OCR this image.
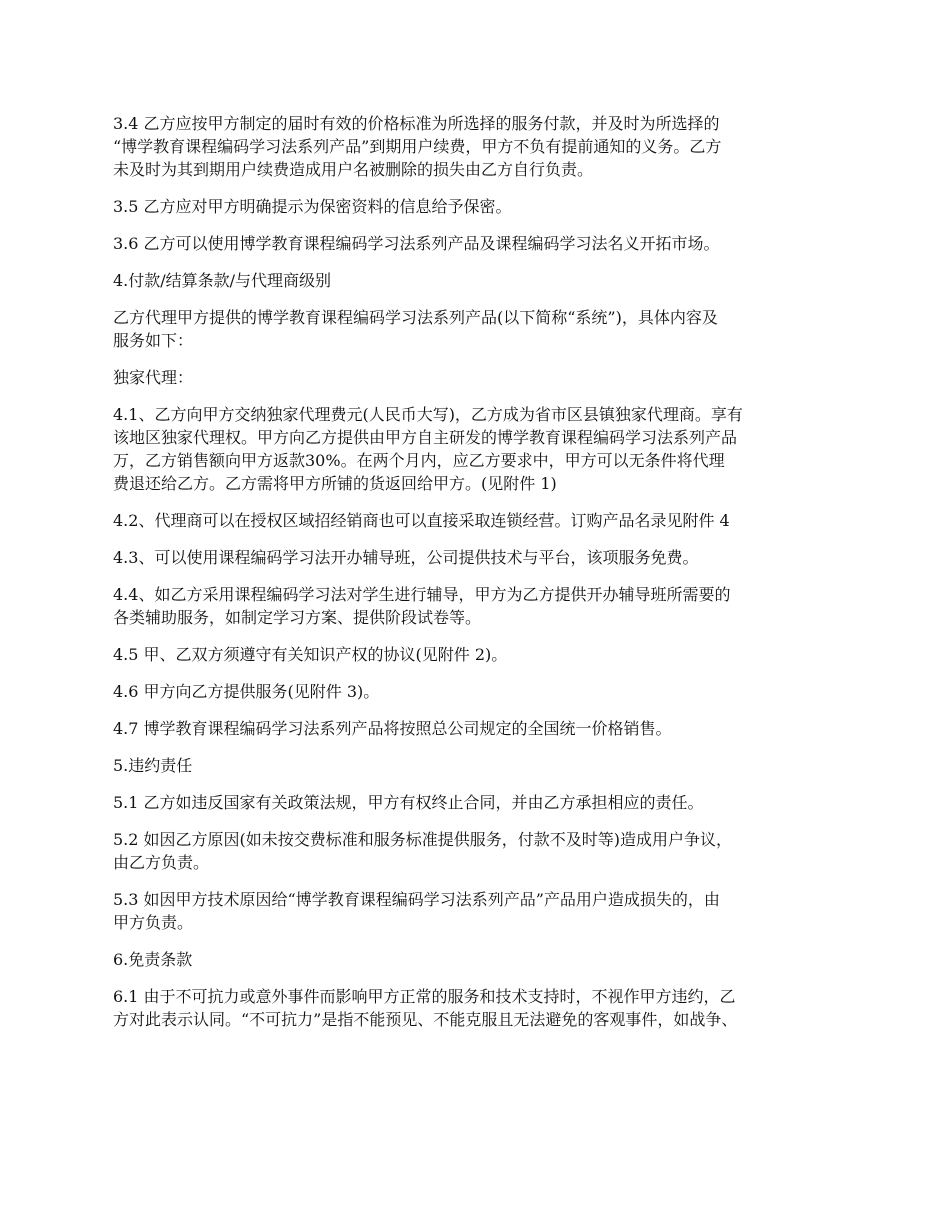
3.4 乙方应按甲方制定的届时有效的价格标准为所选择的服务付款，并及时为所选择的
“博学教育课程编码学习法系列产品”到期用户续费，甲方不负有提前通知的义务。乙方
未及时为其到期用户续费造成用户名被删除的损失由乙方自行负责。

3.5 乙方应对甲方明确提示为保密资料的信息给予保密。

3.6 乙方可以使用博学教育课程编码学习法系列产品及课程编码学习法名义开拓市场。

4.付款/结算条款/与代理商级别

乙方代理甲方提供的博学教育课程编码学习法系列产品(以下简称“系统”)，具体内容及
服务如下：

独家代理：

4.1、乙方向甲方交纳独家代理费元(人民币大写)，乙方成为省市区县镇独家代理商。享有
该地区独家代理权。甲方向乙方提供由甲方自主研发的博学教育课程编码学习法系列产品
万，乙方销售额向甲方返款30%。在两个月内，应乙方要求中，甲方可以无条件将代理
费退还给乙方。乙方需将甲方所铺的货返回给甲方。(见附件 1)

4.2、代理商可以在授权区域招经销商也可以直接采取连锁经营。订购产品名录见附件 4

4.3、可以使用课程编码学习法开办辅导班，公司提供技术与平台，该项服务免费。

4.4、如乙方采用课程编码学习法对学生进行辅导，甲方为乙方提供开办辅导班所需要的
各类辅助服务，如制定学习方案、提供阶段试卷等。

4.5 甲、乙双方须遵守有关知识产权的协议(见附件 2)。

4.6 甲方向乙方提供服务(见附件 3)。

4.7 博学教育课程编码学习法系列产品将按照总公司规定的全国统一价格销售。

5.违约责任

5.1 乙方如违反国家有关政策法规，甲方有权终止合同，并由乙方承担相应的责任。

5.2 如因乙方原因(如未按交费标准和服务标准提供服务，付款不及时等)造成用户争议，
由乙方负责。

5.3 如因甲方技术原因给“博学教育课程编码学习法系列产品”产品用户造成损失的，由
甲方负责。

6.免责条款

6.1 由于不可抗力或意外事件而影响甲方正常的服务和技术支持时，不视作甲方违约，乙
方对此表示认同。“不可抗力”是指不能预见、不能克服且无法避免的客观事件，如战争、
